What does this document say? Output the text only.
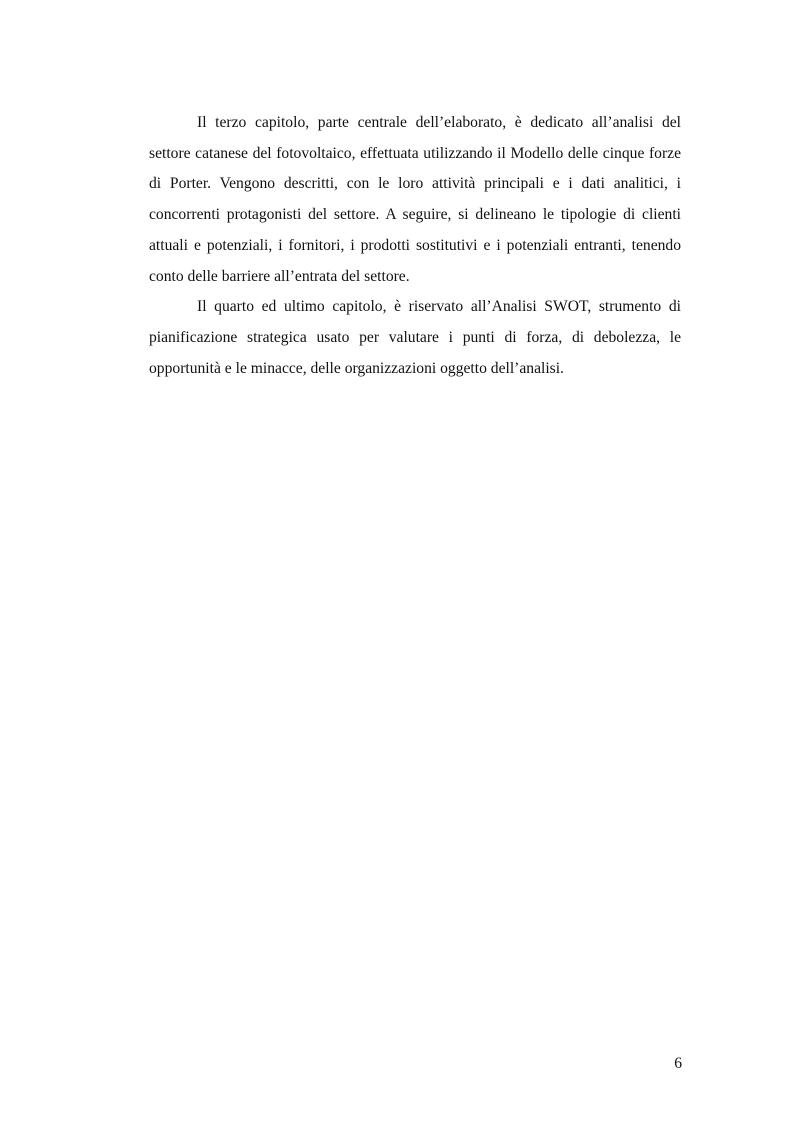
Il terzo capitolo, parte centrale dell’elaborato, è dedicato all’analisi del settore catanese del fotovoltaico, effettuata utilizzando il Modello delle cinque forze di Porter. Vengono descritti, con le loro attività principali e i dati analitici, i concorrenti protagonisti del settore. A seguire, si delineano le tipologie di clienti attuali e potenziali, i fornitori, i prodotti sostitutivi e i potenziali entranti, tenendo conto delle barriere all’entrata del settore.

Il quarto ed ultimo capitolo, è riservato all’Analisi SWOT, strumento di pianificazione strategica usato per valutare i punti di forza, di debolezza, le opportunità e le minacce, delle organizzazioni oggetto dell’analisi.

6
